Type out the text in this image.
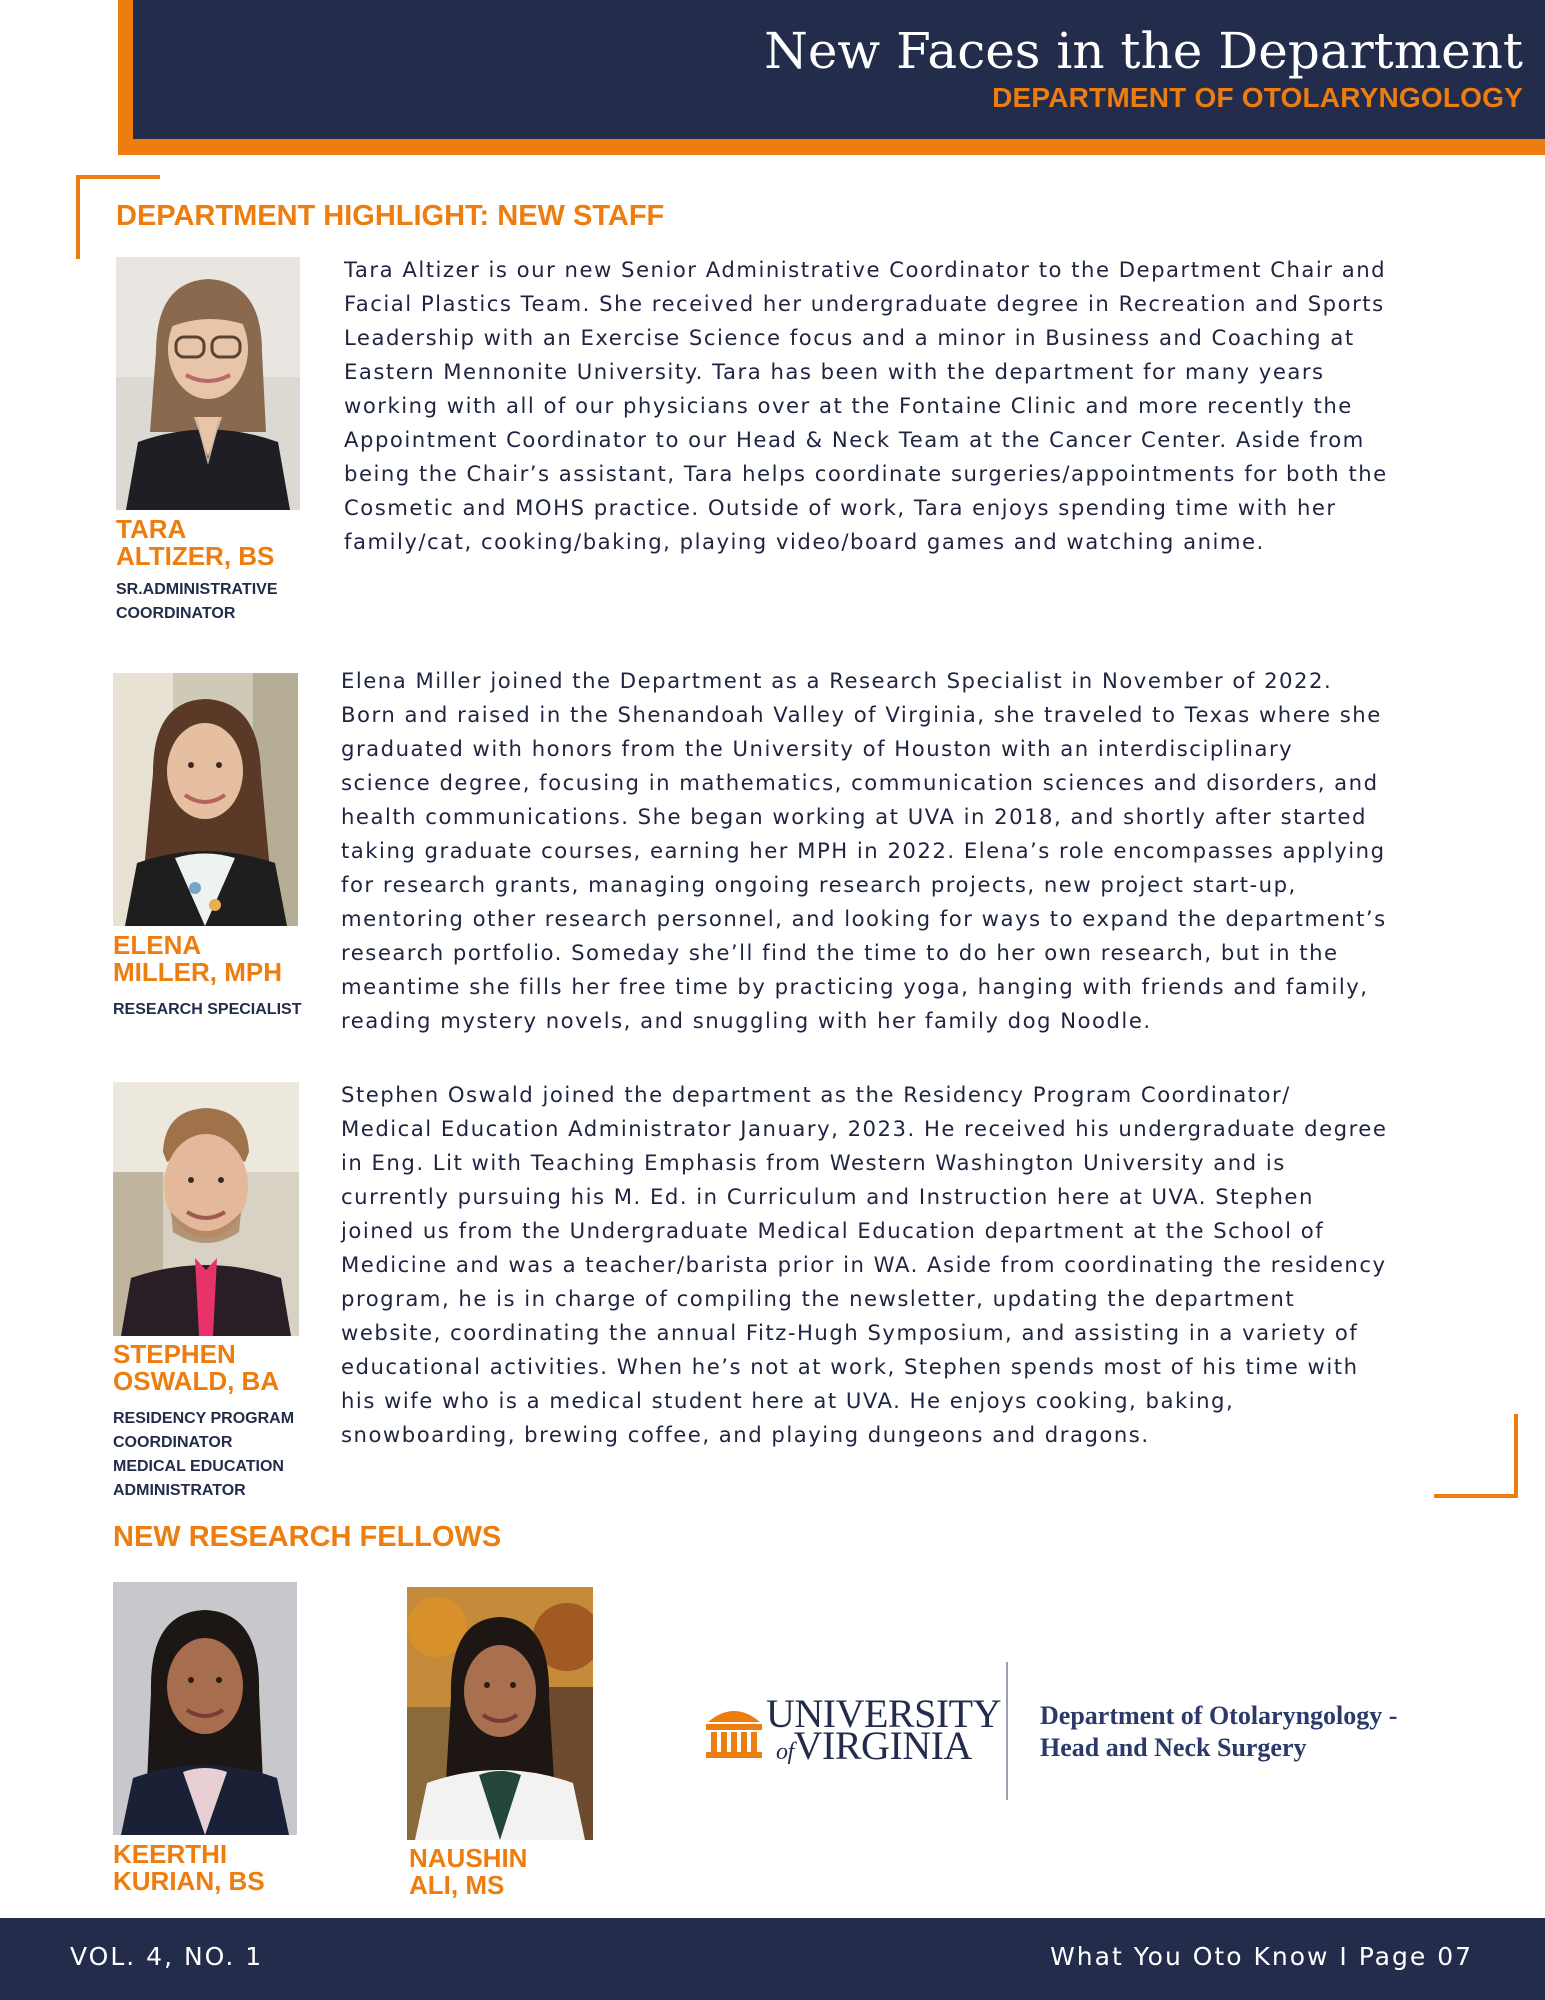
New Faces in the Department
DEPARTMENT OF OTOLARYNGOLOGY
DEPARTMENT HIGHLIGHT: NEW STAFF
TARA
ALTIZER, BS
SR.ADMINISTRATIVE
COORDINATOR
Tara Altizer is our new Senior Administrative Coordinator to the Department Chair and
Facial Plastics Team. She received her undergraduate degree in Recreation and Sports
Leadership with an Exercise Science focus and a minor in Business and Coaching at
Eastern Mennonite University. Tara has been with the department for many years
working with all of our physicians over at the Fontaine Clinic and more recently the
Appointment Coordinator to our Head & Neck Team at the Cancer Center. Aside from
being the Chair’s assistant, Tara helps coordinate surgeries/appointments for both the
Cosmetic and MOHS practice. Outside of work, Tara enjoys spending time with her
family/cat, cooking/baking, playing video/board games and watching anime.
ELENA
MILLER, MPH
RESEARCH SPECIALIST
Elena Miller joined the Department as a Research Specialist in November of 2022.
Born and raised in the Shenandoah Valley of Virginia, she traveled to Texas where she
graduated with honors from the University of Houston with an interdisciplinary
science degree, focusing in mathematics, communication sciences and disorders, and
health communications. She began working at UVA in 2018, and shortly after started
taking graduate courses, earning her MPH in 2022. Elena’s role encompasses applying
for research grants, managing ongoing research projects, new project start-up,
mentoring other research personnel, and looking for ways to expand the department’s
research portfolio. Someday she’ll find the time to do her own research, but in the
meantime she fills her free time by practicing yoga, hanging with friends and family,
reading mystery novels, and snuggling with her family dog Noodle.
STEPHEN
OSWALD, BA
RESIDENCY PROGRAM
COORDINATOR
MEDICAL EDUCATION
ADMINISTRATOR
Stephen Oswald joined the department as the Residency Program Coordinator/
Medical Education Administrator January, 2023. He received his undergraduate degree
in Eng. Lit with Teaching Emphasis from Western Washington University and is
currently pursuing his M. Ed. in Curriculum and Instruction here at UVA. Stephen
joined us from the Undergraduate Medical Education department at the School of
Medicine and was a teacher/barista prior in WA. Aside from coordinating the residency
program, he is in charge of compiling the newsletter, updating the department
website, coordinating the annual Fitz-Hugh Symposium, and assisting in a variety of
educational activities. When he’s not at work, Stephen spends most of his time with
his wife who is a medical student here at UVA. He enjoys cooking, baking,
snowboarding, brewing coffee, and playing dungeons and dragons.
NEW RESEARCH FELLOWS
KEERTHI
KURIAN, BS
NAUSHIN
ALI, MS
UNIVERSITY
ofVIRGINIA
Department of Otolaryngology -
Head and Neck Surgery
VOL. 4, NO. 1	What You Oto Know I Page 07
